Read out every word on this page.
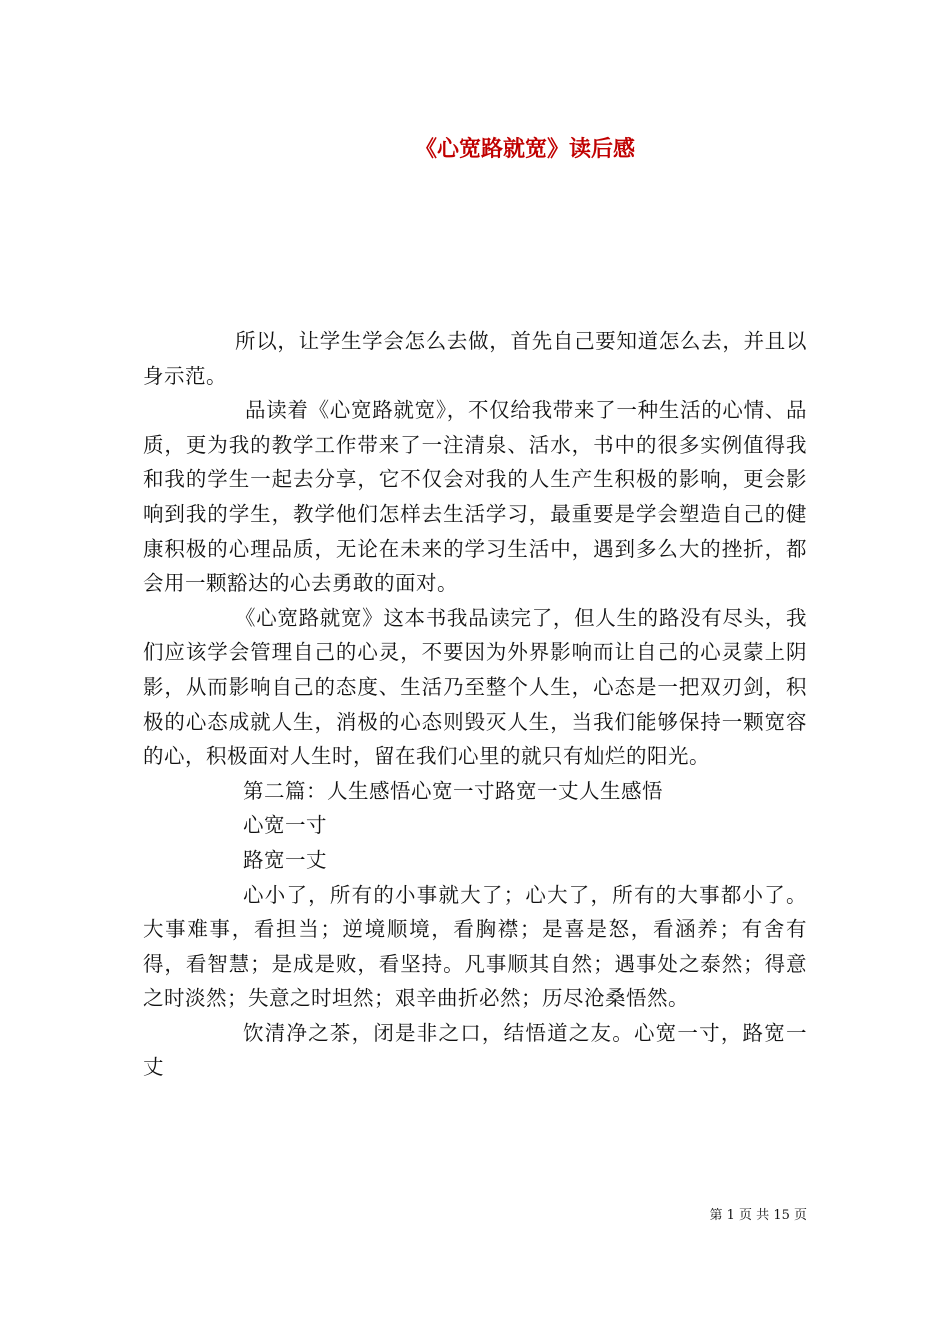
《心宽路就宽》读后感

所以，让学生学会怎么去做，首先自己要知道怎么去，并且以身示范。

品读着《心宽路就宽》，不仅给我带来了一种生活的心情、品质，更为我的教学工作带来了一注清泉、活水，书中的很多实例值得我和我的学生一起去分享，它不仅会对我的人生产生积极的影响，更会影响到我的学生，教学他们怎样去生活学习，最重要是学会塑造自己的健康积极的心理品质，无论在未来的学习生活中，遇到多么大的挫折，都会用一颗豁达的心去勇敢的面对。

《心宽路就宽》这本书我品读完了，但人生的路没有尽头，我们应该学会管理自己的心灵，不要因为外界影响而让自己的心灵蒙上阴影，从而影响自己的态度、生活乃至整个人生，心态是一把双刃剑，积极的心态成就人生，消极的心态则毁灭人生，当我们能够保持一颗宽容的心，积极面对人生时，留在我们心里的就只有灿烂的阳光。

第二篇：人生感悟心宽一寸路宽一丈人生感悟

心宽一寸

路宽一丈

心小了，所有的小事就大了；心大了，所有的大事都小了。大事难事，看担当；逆境顺境，看胸襟；是喜是怒，看涵养；有舍有得，看智慧；是成是败，看坚持。凡事顺其自然；遇事处之泰然；得意之时淡然；失意之时坦然；艰辛曲折必然；历尽沧桑悟然。

饮清净之茶，闭是非之口，结悟道之友。心宽一寸，路宽一丈

第 1 页 共 15 页
